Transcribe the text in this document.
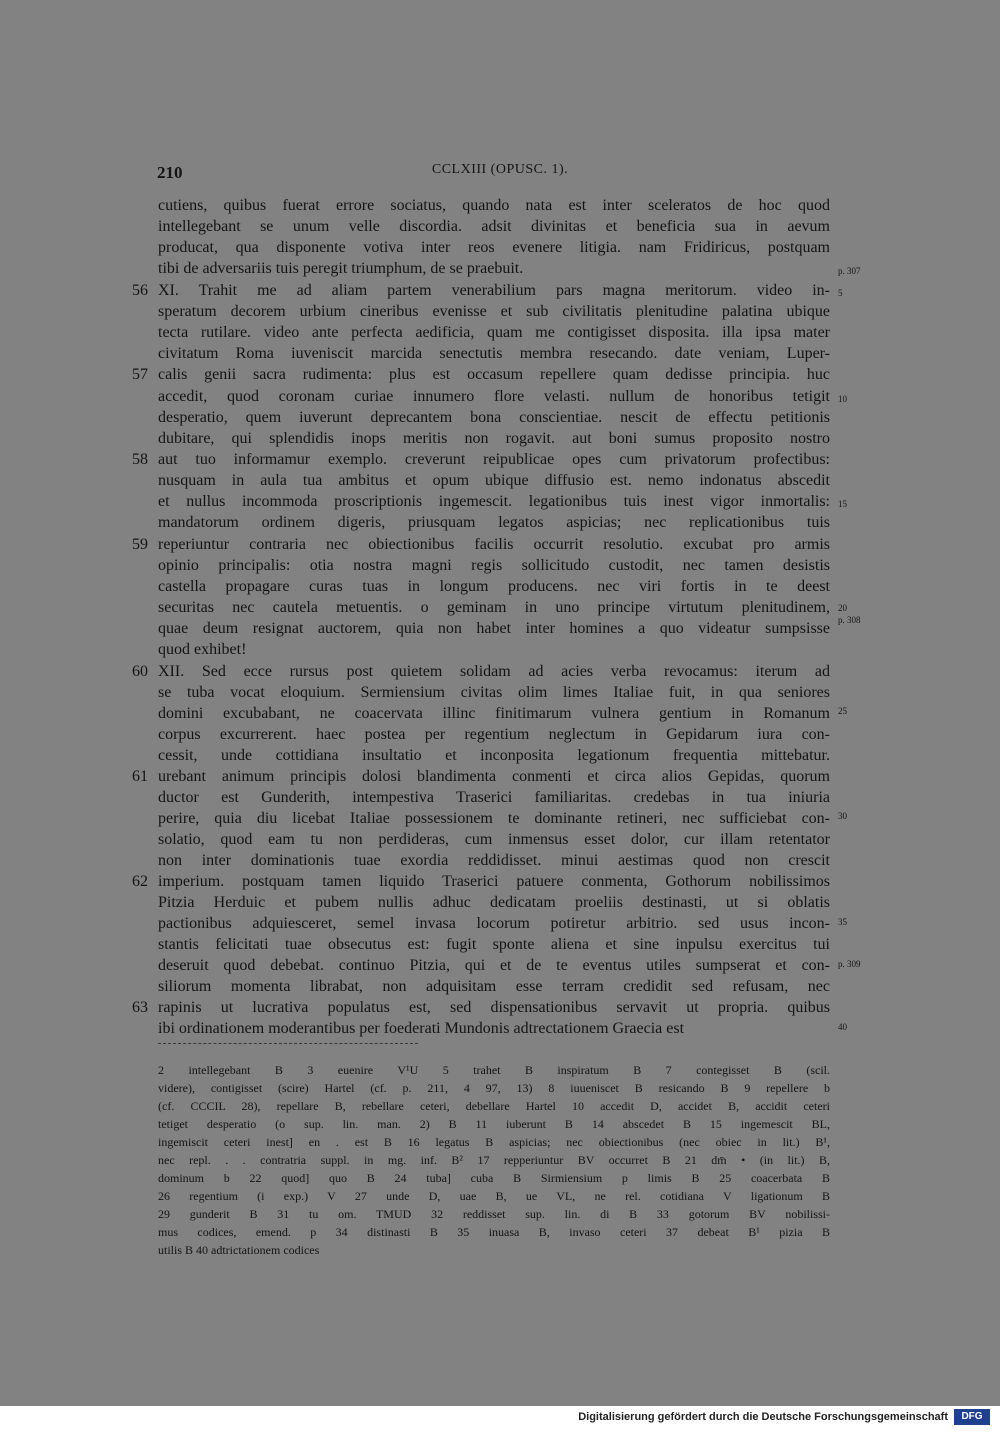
210	CCLXIII (OPUSC. 1).
cutiens, quibus fuerat errore sociatus, quando nata est inter sceleratos de hoc quod
intellegebant se unum velle discordia. adsit divinitas et beneficia sua in aevum
producat, qua disponente votiva inter reos evenere litigia. nam Fridiricus, postquam
tibi de adversariis tuis peregit triumphum, de se praebuit.
XI. Trahit me ad aliam partem venerabilium pars magna meritorum. video in-
speratum decorem urbium cineribus evenisse et sub civilitatis plenitudine palatina ubique
tecta rutilare. video ante perfecta aedificia, quam me contigisset disposita. illa ipsa mater
civitatum Roma iuveniscit marcida senectutis membra resecando. date veniam, Luper-
calis genii sacra rudimenta: plus est occasum repellere quam dedisse principia. huc
accedit, quod coronam curiae innumero flore velasti. nullum de honoribus tetigit
desperatio, quem iuverunt deprecantem bona conscientiae. nescit de effectu petitionis
dubitare, qui splendidis inops meritis non rogavit. aut boni sumus proposito nostro
aut tuo informamur exemplo. creverunt reipublicae opes cum privatorum profectibus:
nusquam in aula tua ambitus et opum ubique diffusio est. nemo indonatus abscedit
et nullus incommoda proscriptionis ingemescit. legationibus tuis inest vigor inmortalis:
mandatorum ordinem digeris, priusquam legatos aspicias; nec replicationibus tuis
reperiuntur contraria nec obiectionibus facilis occurrit resolutio. excubat pro armis
opinio principalis: otia nostra magni regis sollicitudo custodit, nec tamen desistis
castella propagare curas tuas in longum producens. nec viri fortis in te deest
securitas nec cautela metuentis. o geminam in uno principe virtutum plenitudinem,
quae deum resignat auctorem, quia non habet inter homines a quo videatur sumpsisse
quod exhibet!
XII. Sed ecce rursus post quietem solidam ad acies verba revocamus: iterum ad
se tuba vocat eloquium. Sermiensium civitas olim limes Italiae fuit, in qua seniores
domini excubabant, ne coacervata illinc finitimarum vulnera gentium in Romanum
corpus excurrerent. haec postea per regentium neglectum in Gepidarum iura con-
cessit, unde cottidiana insultatio et inconposita legationum frequentia mittebatur.
urebant animum principis dolosi blandimenta conmenti et circa alios Gepidas, quorum
ductor est Gunderith, intempestiva Traserici familiaritas. credebas in tua iniuria
perire, quia diu licebat Italiae possessionem te dominante retineri, nec sufficiebat con-
solatio, quod eam tu non perdideras, cum inmensus esset dolor, cur illam retentator
non inter dominationis tuae exordia reddidisset. minui aestimas quod non crescit
imperium. postquam tamen liquido Traserici patuere conmenta, Gothorum nobilissimos
Pitzia Herduic et pubem nullis adhuc dedicatam proeliis destinasti, ut si oblatis
pactionibus adquiesceret, semel invasa locorum potiretur arbitrio. sed usus incon-
stantis felicitati tuae obsecutus est: fugit sponte aliena et sine inpulsu exercitus tui
deseruit quod debebat. continuo Pitzia, qui et de te eventus utiles sumpserat et con-
siliorum momenta librabat, non adquisitam esse terram credidit sed refusam, nec
rapinis ut lucrativa populatus est, sed dispensationibus servavit ut propria. quibus
ibi ordinationem moderantibus per foederati Mundonis adtrectationem Graecia est
56
57
58
59
60
61
62
63
p. 307
5
10
15
20
p. 308
25
30
35
p. 309
40
2 intellegebant B 3 euenire V¹U 5 trahet B inspiratum B 7 contegisset B (scil.
videre), contigisset (scire) Hartel (cf. p. 211, 4 97, 13) 8 iuueniscet B resicando B 9 repellere b
(cf. CCCIL 28), repellare B, rebellare ceteri, debellare Hartel 10 accedit D, accidet B, accidit ceteri
tetiget desperatio (o sup. lin. man. 2) B 11 iuberunt B 14 abscedet B 15 ingemescit BL,
ingemiscit ceteri inest] en . est B 16 legatus B aspicias; nec obiectionibus (nec obiec in lit.) B¹,
nec repl. . . contratria suppl. in mg. inf. B² 17 repperiuntur BV occurret B 21 dm̄ • (in lit.) B,
dominum b 22 quod] quo B 24 tuba] cuba B Sirmiensium p limis B 25 coacerbata B
26 regentium (i exp.) V 27 unde D, uae B, ue VL, ne rel. cotidiana V ligationum B
29 gunderit B 31 tu om. TMUD 32 reddisset sup. lin. di B 33 gotorum BV nobilissi-
mus codices, emend. p 34 distinasti B 35 inuasa B, invaso ceteri 37 debeat B¹ pizia B
utilis B 40 adtrictationem codices
Digitalisierung gefördert durch die Deutsche Forschungsgemeinschaft	DFG
